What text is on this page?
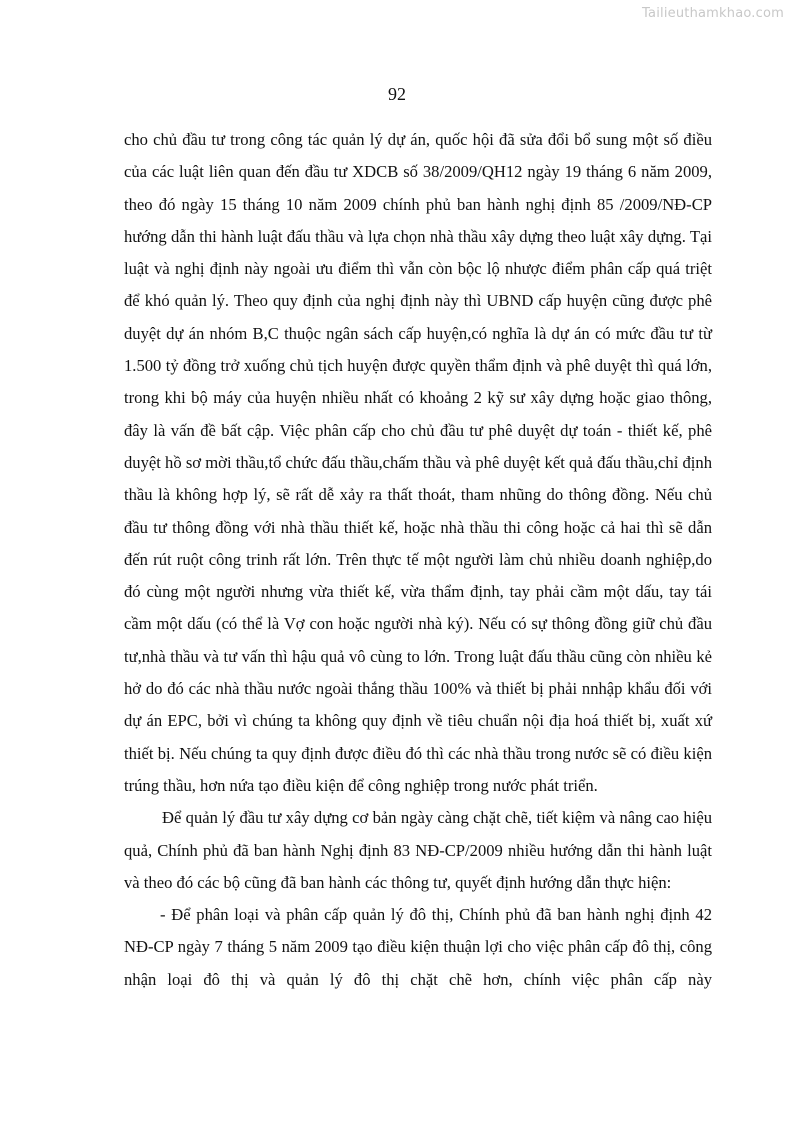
Tailieuthamkhao.com
92

cho chủ đầu tư trong công tác quản lý dự án, quốc hội đã sửa đổi bổ sung một số điều của các luật liên quan đến đầu tư XDCB số 38/2009/QH12 ngày 19 tháng 6 năm 2009, theo đó ngày 15 tháng 10 năm 2009 chính phủ ban hành nghị định 85 /2009/NĐ-CP hướng dẫn thi hành luật đấu thầu và lựa chọn nhà thầu xây dựng theo luật xây dựng. Tại luật và nghị định này ngoài ưu điểm thì vẫn còn bộc lộ nhược điểm phân cấp quá triệt để khó quản lý. Theo quy định của nghị định này thì UBND cấp huyện cũng được phê duyệt dự án nhóm B,C thuộc ngân sách cấp huyện,có nghĩa là dự án có mức đầu tư từ 1.500 tỷ đồng trở xuống chủ tịch huyện được quyền thẩm định và phê duyệt thì quá lớn, trong khi bộ máy của huyện nhiều nhất có khoảng 2 kỹ sư xây dựng hoặc giao thông, đây là vấn đề bất cập. Việc phân cấp cho chủ đầu tư phê duyệt dự toán - thiết kế, phê duyệt hồ sơ mời thầu,tổ chức đấu thầu,chấm thầu và phê duyệt kết quả đấu thầu,chỉ định thầu là không hợp lý, sẽ rất dễ xảy ra thất thoát, tham nhũng do thông đồng. Nếu chủ đầu tư thông đồng với nhà thầu thiết kế, hoặc nhà thầu thi công hoặc cả hai thì sẽ dẫn đến rút ruột công trinh rất lớn. Trên thực tế một người làm chủ nhiều doanh nghiệp,do đó cùng một người nhưng vừa thiết kế, vừa thẩm định, tay phải cầm một dấu, tay tái cầm một dấu (có thể là Vợ con hoặc người nhà ký). Nếu có sự thông đồng giữ chủ đầu tư,nhà thầu và tư vấn thì hậu quả vô cùng to lớn. Trong luật đấu thầu cũng còn nhiều kẻ hở do đó các nhà thầu nước ngoài thắng thầu 100% và thiết bị phải nnhập khẩu đối với dự án EPC, bởi vì chúng ta không quy định về tiêu chuẩn nội địa hoá thiết bị, xuất xứ thiết bị. Nếu chúng ta quy định được điều đó thì các nhà thầu trong nước sẽ có điều kiện trúng thầu, hơn nứa tạo điều kiện để công nghiệp trong nước phát triển.

Để quản lý đầu tư xây dựng cơ bản ngày càng chặt chẽ, tiết kiệm và nâng cao hiệu quả, Chính phủ đã ban hành Nghị định 83 NĐ-CP/2009 nhiều hướng dẫn thi hành luật và theo đó các bộ cũng đã ban hành các thông tư, quyết định hướng dẫn thực hiện:

- Để phân loại và phân cấp quản lý đô thị, Chính phủ đã ban hành nghị định 42 NĐ-CP ngày 7 tháng 5 năm 2009 tạo điều kiện thuận lợi cho việc phân cấp đô thị, công nhận loại đô thị và quản lý đô thị chặt chẽ hơn, chính việc phân cấp này
